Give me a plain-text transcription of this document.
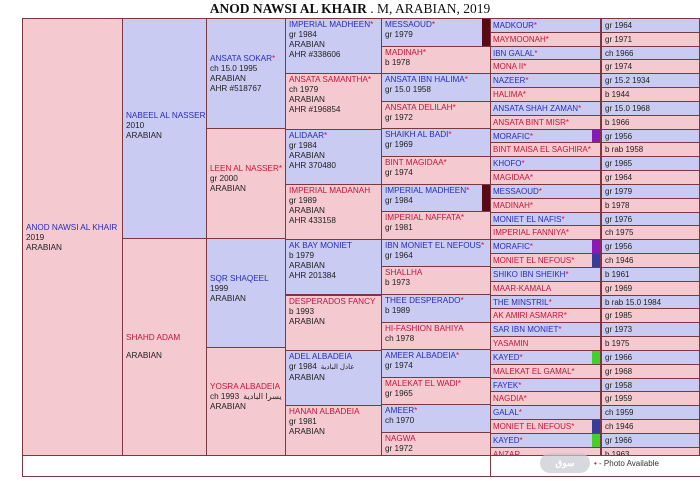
ANOD NAWSI AL KHAIR . M, ARABIAN, 2019
ANOD NAWSI AL KHAIR
2019
ARABIAN
NABEEL AL NASSER
2010
ARABIAN
SHAHD ADAM
ARABIAN
ANSATA SOKAR*
ch 15.0 1995
ARABIAN
AHR #518767
LEEN AL NASSER*
gr 2000
ARABIAN
SQR SHAQEEL
1999
ARABIAN
YOSRA ALBADEIA
ch 1993 يسرا البادية
ARABIAN
IMPERIAL MADHEEN*
gr 1984
ARABIAN
AHR #338606
ANSATA SAMANTHA*
ch 1979
ARABIAN
AHR #196854
ALIDAAR*
gr 1984
ARABIAN
AHR 370480
IMPERIAL MADANAH
gr 1989
ARABIAN
AHR 433158
AK BAY MONIET
b 1979
ARABIAN
AHR 201384
DESPERADOS FANCY
b 1993
ARABIAN
ADEL ALBADEIA
gr 1984 عادل البادية
ARABIAN
HANAN ALBADEIA
gr 1981
ARABIAN
MESSAOUD*
gr 1979
MADINAH*
b 1978
ANSATA IBN HALIMA*
gr 15.0 1958
ANSATA DELILAH*
gr 1972
SHAIKH AL BADI*
gr 1969
BINT MAGIDAA*
gr 1974
IMPERIAL MADHEEN*
gr 1984
IMPERIAL NAFFATA*
gr 1981
IBN MONIET EL NEFOUS*
gr 1964
SHALLHA
b 1973
THEE DESPERADO*
b 1989
HI-FASHION BAHIYA
ch 1978
AMEER ALBADEIA*
gr 1974
MALEKAT EL WADI*
gr 1965
AMEER*
ch 1970
NAGWA
gr 1972
MADKOUR*	gr 1964
MAYMOONAH*	gr 1971
IBN GALAL*	ch 1966
MONA II*	gr 1974
NAZEER*	gr 15.2 1934
HALIMA*	b 1944
ANSATA SHAH ZAMAN*	gr 15.0 1968
ANSATA BINT MISR*	b 1966
MORAFIC*	gr 1956
BINT MAISA EL SAGHIRA*	b rab 1958
KHOFO*	gr 1965
MAGIDAA*	gr 1964
MESSAOUD*	gr 1979
MADINAH*	b 1978
MONIET EL NAFIS*	gr 1976
IMPERIAL FANNIYA*	ch 1975
MORAFIC*	gr 1956
MONIET EL NEFOUS*	ch 1946
SHIKO IBN SHEIKH*	b 1961
MAAR-KAMALA	gr 1969
THE MINSTRIL*	b rab 15.0 1984
AK AMIRI ASMARR*	gr 1985
SAR IBN MONIET*	gr 1973
YASAMIN	b 1975
KAYED*	gr 1966
MALEKAT EL GAMAL*	gr 1968
FAYEK*	gr 1958
NAGDIA*	gr 1959
GALAL*	ch 1959
MONIET EL NEFOUS*	ch 1946
KAYED*	gr 1966
سوق	• - Photo Available
